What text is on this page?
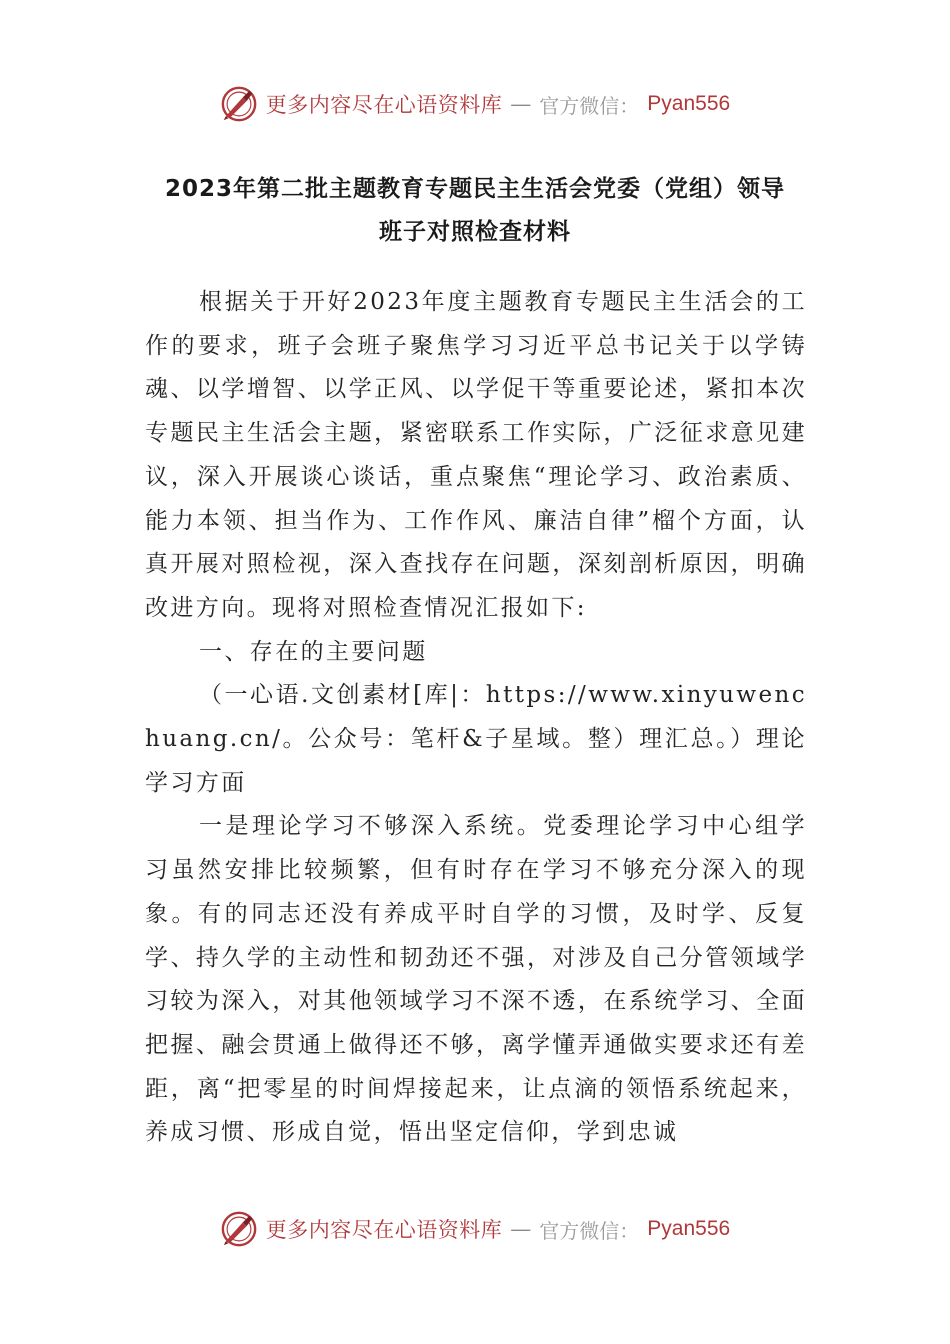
更多内容尽在心语资料库 — 官方微信： Pyan556
2023年第二批主题教育专题民主生活会党委（党组）领导
班子对照检查材料

根据关于开好2023年度主题教育专题民主生活会的工作的要求，班子会班子聚焦学习习近平总书记关于以学铸魂、以学增智、以学正风、以学促干等重要论述，紧扣本次专题民主生活会主题，紧密联系工作实际，广泛征求意见建议，深入开展谈心谈话，重点聚焦“理论学习、政治素质、能力本领、担当作为、工作作风、廉洁自律”榴个方面，认真开展对照检视，深入查找存在问题，深刻剖析原因，明确改进方向。现将对照检查情况汇报如下:

一、存在的主要问题

（一心语.文创素材[库|：https://www.xinyuwenchuang.cn/。公众号：笔杆&子星域。整）理汇总。）理论学习方面

一是理论学习不够深入系统。党委理论学习中心组学习虽然安排比较频繁，但有时存在学习不够充分深入的现象。有的同志还没有养成平时自学的习惯，及时学、反复学、持久学的主动性和韧劲还不强，对涉及自己分管领域学习较为深入，对其他领域学习不深不透，在系统学习、全面把握、融会贯通上做得还不够，离学懂弄通做实要求还有差距，离“把零星的时间焊接起来，让点滴的领悟系统起来，养成习惯、形成自觉，悟出坚定信仰，学到忠诚

更多内容尽在心语资料库 — 官方微信： Pyan556
